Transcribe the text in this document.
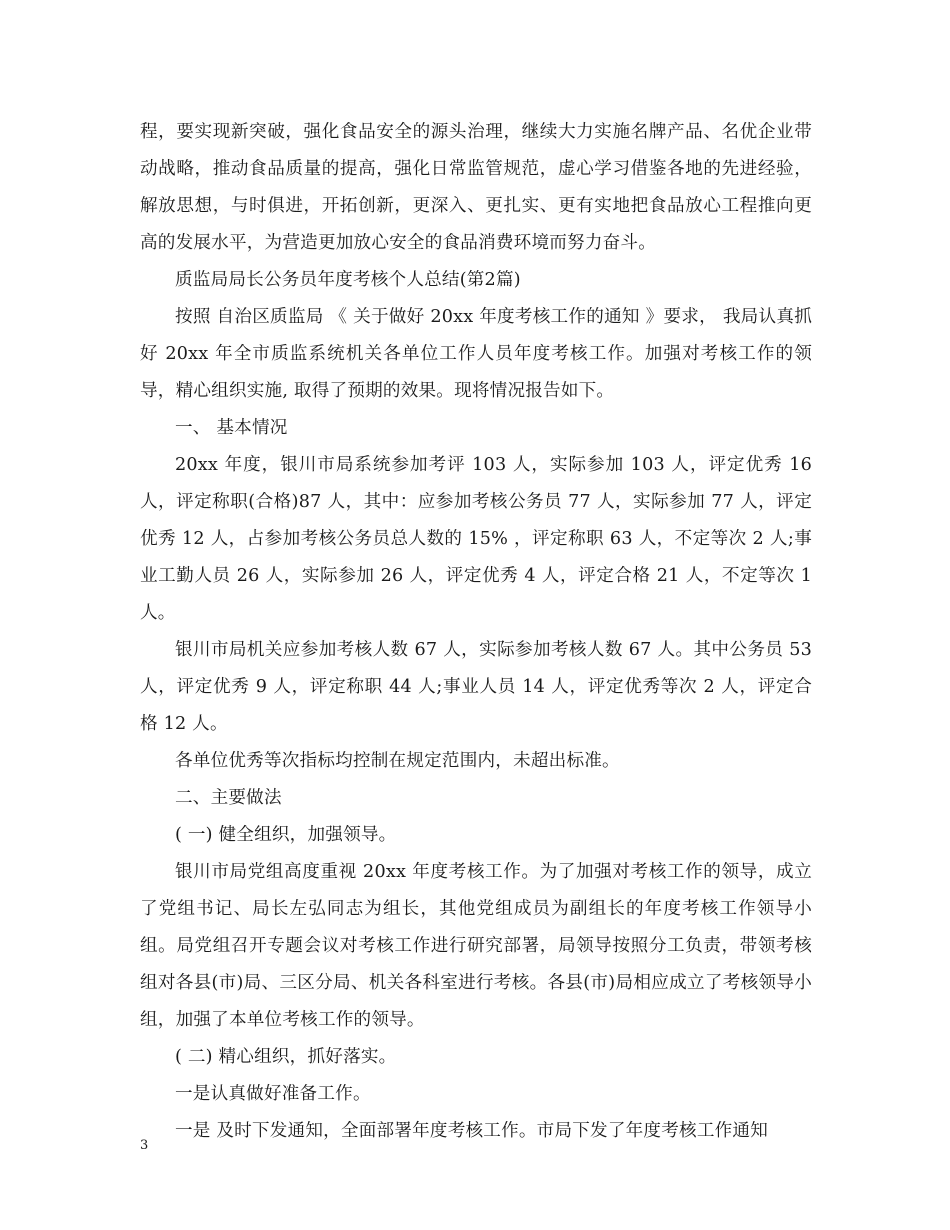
程，要实现新突破，强化食品安全的源头治理，继续大力实施名牌产品、名优企业带动战略，推动食品质量的提高，强化日常监管规范，虚心学习借鉴各地的先进经验，解放思想，与时俱进，开拓创新，更深入、更扎实、更有实地把食品放心工程推向更高的发展水平，为营造更加放心安全的食品消费环境而努力奋斗。

质监局局长公务员年度考核个人总结(第2篇)

按照 自治区质监局 《 关于做好 20xx 年度考核工作的通知 》要求， 我局认真抓好 20xx 年全市质监系统机关各单位工作人员年度考核工作。加强对考核工作的领导，精心组织实施, 取得了预期的效果。现将情况报告如下。

一、 基本情况

20xx 年度，银川市局系统参加考评 103 人，实际参加 103 人，评定优秀 16 人，评定称职(合格)87 人，其中：应参加考核公务员 77 人，实际参加 77 人，评定优秀 12 人，占参加考核公务员总人数的 15% ，评定称职 63 人，不定等次 2 人;事业工勤人员 26 人，实际参加 26 人，评定优秀 4 人，评定合格 21 人，不定等次 1 人。

银川市局机关应参加考核人数 67 人，实际参加考核人数 67 人。其中公务员 53 人，评定优秀 9 人，评定称职 44 人;事业人员 14 人，评定优秀等次 2 人，评定合格 12 人。

各单位优秀等次指标均控制在规定范围内，未超出标准。

二、主要做法

( 一) 健全组织，加强领导。

银川市局党组高度重视 20xx 年度考核工作。为了加强对考核工作的领导，成立了党组书记、局长左弘同志为组长，其他党组成员为副组长的年度考核工作领导小组。局党组召开专题会议对考核工作进行研究部署，局领导按照分工负责，带领考核组对各县(市)局、三区分局、机关各科室进行考核。各县(市)局相应成立了考核领导小组，加强了本单位考核工作的领导。

( 二) 精心组织，抓好落实。

一是认真做好准备工作。

一是 及时下发通知，全面部署年度考核工作。市局下发了年度考核工作通知

3
